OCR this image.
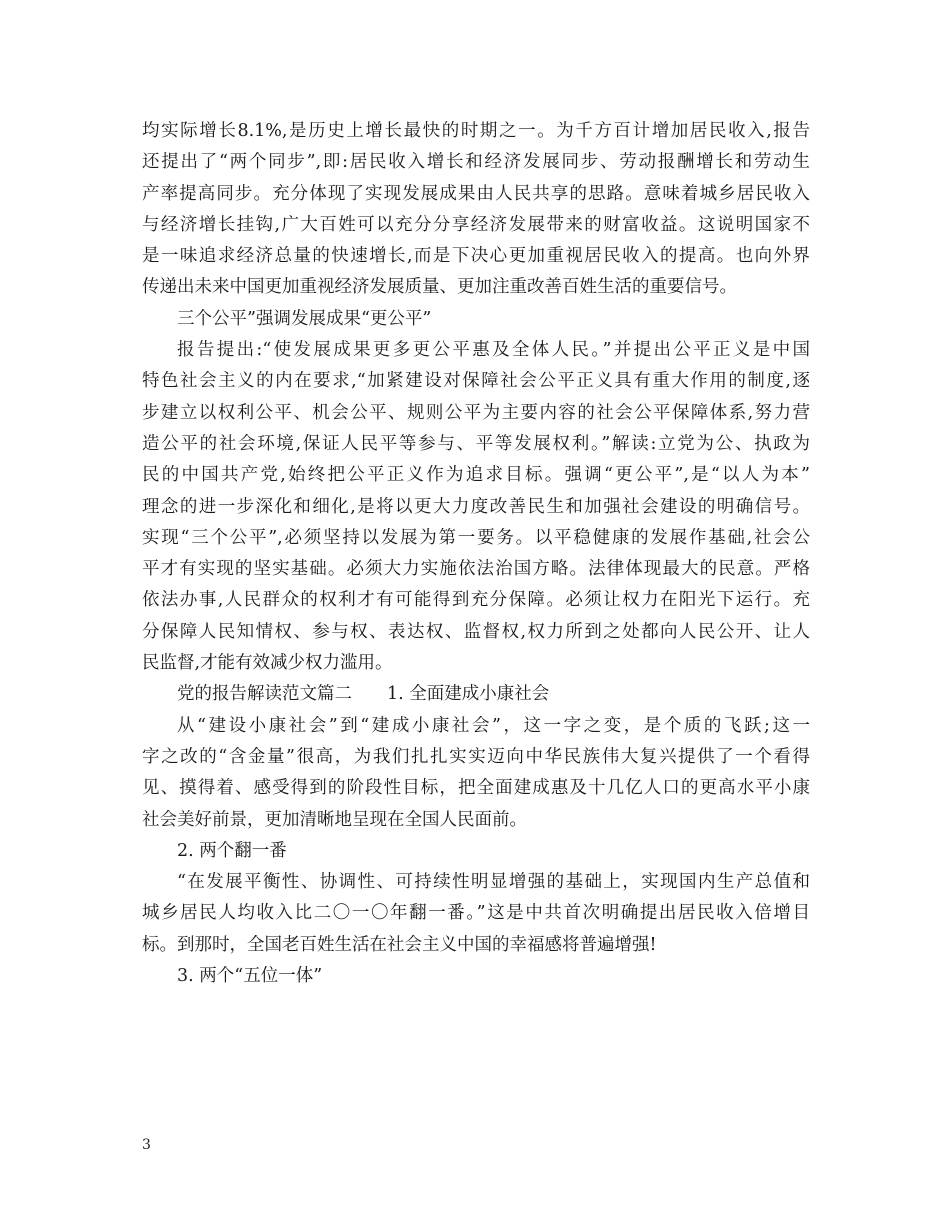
均实际增长8.1%,是历史上增长最快的时期之一。为千方百计增加居民收入,报告
还提出了“两个同步”,即:居民收入增长和经济发展同步、劳动报酬增长和劳动生
产率提高同步。充分体现了实现发展成果由人民共享的思路。意味着城乡居民收入
与经济增长挂钩,广大百姓可以充分分享经济发展带来的财富收益。这说明国家不
是一味追求经济总量的快速增长,而是下决心更加重视居民收入的提高。也向外界
传递出未来中国更加重视经济发展质量、更加注重改善百姓生活的重要信号。
三个公平”强调发展成果“更公平”
报告提出:“使发展成果更多更公平惠及全体人民。”并提出公平正义是中国
特色社会主义的内在要求,“加紧建设对保障社会公平正义具有重大作用的制度,逐
步建立以权利公平、机会公平、规则公平为主要内容的社会公平保障体系,努力营
造公平的社会环境,保证人民平等参与、平等发展权利。”解读:立党为公、执政为
民的中国共产党,始终把公平正义作为追求目标。强调“更公平”,是“以人为本”
理念的进一步深化和细化,是将以更大力度改善民生和加强社会建设的明确信号。
实现“三个公平”,必须坚持以发展为第一要务。以平稳健康的发展作基础,社会公
平才有实现的坚实基础。必须大力实施依法治国方略。法律体现最大的民意。严格
依法办事,人民群众的权利才有可能得到充分保障。必须让权力在阳光下运行。充
分保障人民知情权、参与权、表达权、监督权,权力所到之处都向人民公开、让人
民监督,才能有效减少权力滥用。
党的报告解读范文篇二　　1. 全面建成小康社会
从“建设小康社会”到“建成小康社会”，这一字之变，是个质的飞跃;这一
字之改的“含金量”很高，为我们扎扎实实迈向中华民族伟大复兴提供了一个看得
见、摸得着、感受得到的阶段性目标，把全面建成惠及十几亿人口的更高水平小康
社会美好前景，更加清晰地呈现在全国人民面前。
2. 两个翻一番
“在发展平衡性、协调性、可持续性明显增强的基础上，实现国内生产总值和
城乡居民人均收入比二〇一〇年翻一番。”这是中共首次明确提出居民收入倍增目
标。到那时，全国老百姓生活在社会主义中国的幸福感将普遍增强!
3. 两个“五位一体”
3
